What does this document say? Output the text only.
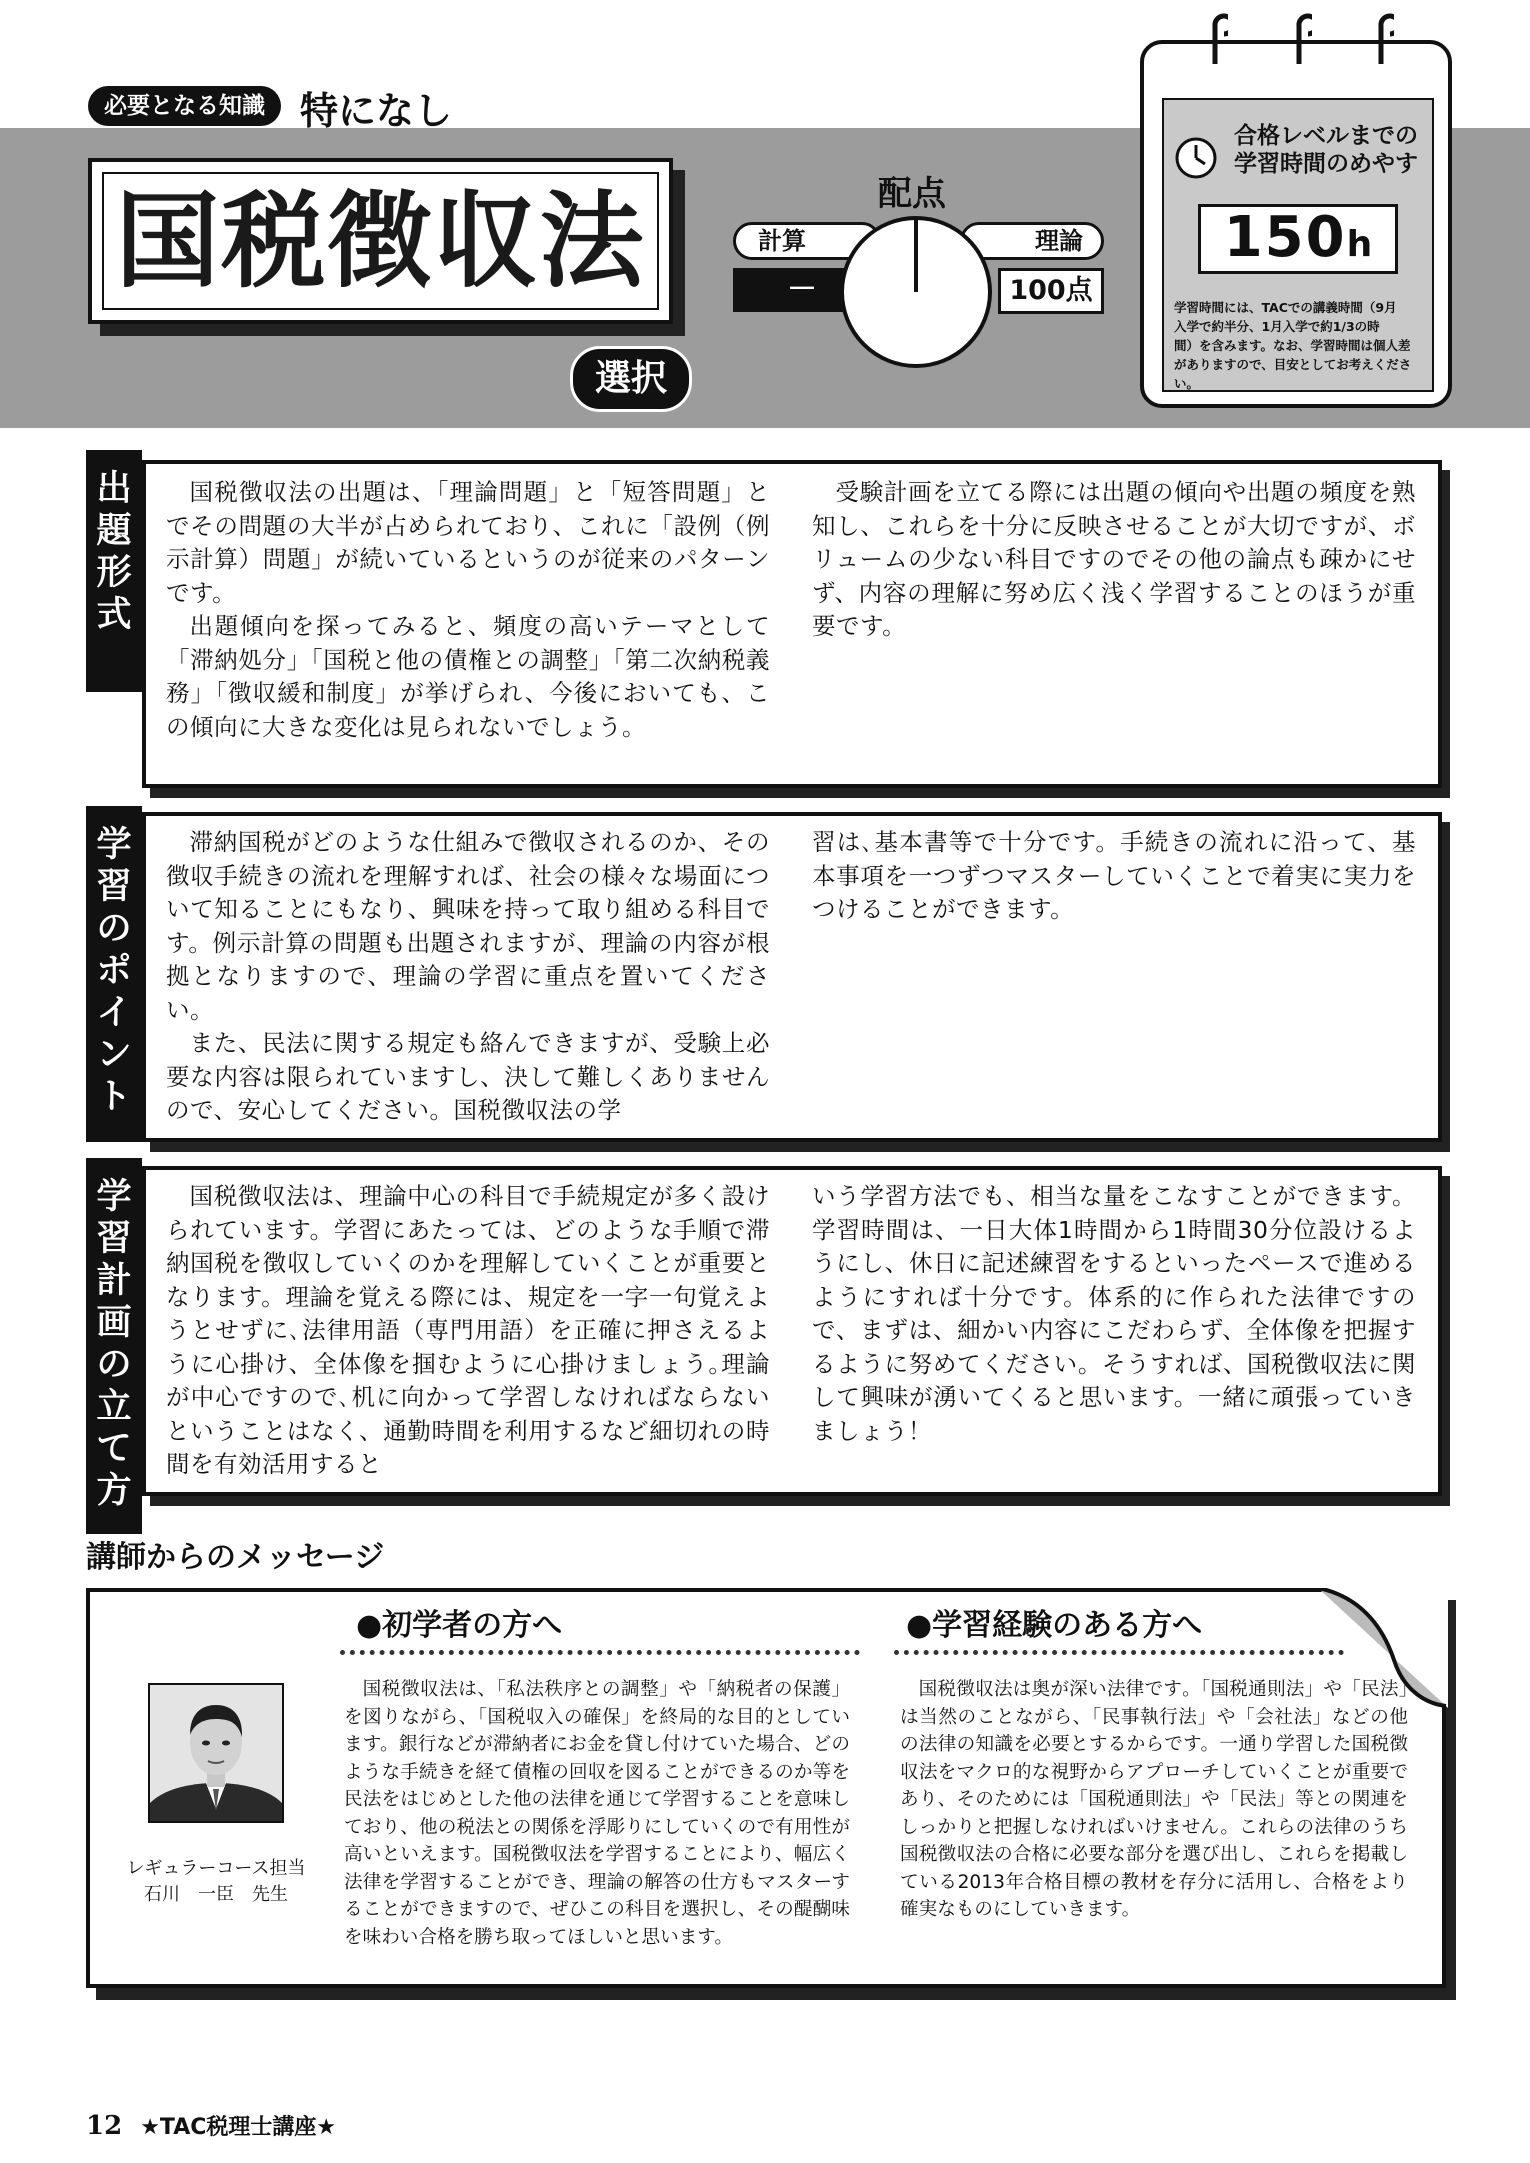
必要となる知識 特になし
国税徴収法
選択
配点
計算
－
理論
100点
合格レベルまでの
学習時間のめやす
150h
学習時間には、TACでの講義時間（9月
入学で約半分、1月入学で約1/3の時
間）を含みます。なお、学習時間は個人差
がありますので、目安としてお考えください。
出
題
形
式

国税徴収法の出題は、「理論問題」と「短答問題」とでその問題の大半が占められており、これに「設例（例示計算）問題」が続いているというのが従来のパターンです。

出題傾向を探ってみると、頻度の高いテーマとして「滞納処分」「国税と他の債権との調整」「第二次納税義務」「徴収緩和制度」が挙げられ、今後においても、この傾向に大きな変化は見られないでしょう。

受験計画を立てる際には出題の傾向や出題の頻度を熟知し、これらを十分に反映させることが大切ですが、ボリュームの少ない科目ですのでその他の論点も疎かにせず、内容の理解に努め広く浅く学習することのほうが重要です。

学
習
の
ポ
イ
ン
ト

滞納国税がどのような仕組みで徴収されるのか、その徴収手続きの流れを理解すれば、社会の様々な場面について知ることにもなり、興味を持って取り組める科目です。例示計算の問題も出題されますが、理論の内容が根拠となりますので、理論の学習に重点を置いてください。

また、民法に関する規定も絡んできますが、受験上必要な内容は限られていますし、決して難しくありませんので、安心してください。国税徴収法の学

習は､基本書等で十分です。手続きの流れに沿って、基本事項を一つずつマスターしていくことで着実に実力をつけることができます。
学
習
計
画
の
立
て
方

国税徴収法は、理論中心の科目で手続規定が多く設けられています。学習にあたっては、どのような手順で滞納国税を徴収していくのかを理解していくことが重要となります。理論を覚える際には、規定を一字一句覚えようとせずに､法律用語（専門用語）を正確に押さえるように心掛け、全体像を掴むように心掛けましょう｡理論が中心ですので､机に向かって学習しなければならないということはなく、通勤時間を利用するなど細切れの時間を有効活用すると

いう学習方法でも、相当な量をこなすことができます。学習時間は、一日大体1時間から1時間30分位設けるようにし、休日に記述練習をするといったペースで進めるようにすれば十分です。体系的に作られた法律ですので、まずは、細かい内容にこだわらず、全体像を把握するように努めてください。そうすれば、国税徴収法に関して興味が湧いてくると思います。一緒に頑張っていきましょう！
講師からのメッセージ
●初学者の方へ	●学習経験のある方へ
レギュラーコース担当
石川　一臣　先生

国税徴収法は、「私法秩序との調整」や「納税者の保護」を図りながら、「国税収入の確保」を終局的な目的としています。銀行などが滞納者にお金を貸し付けていた場合、どのような手続きを経て債権の回収を図ることができるのか等を民法をはじめとした他の法律を通じて学習することを意味しており、他の税法との関係を浮彫りにしていくので有用性が高いといえます。国税徴収法を学習することにより、幅広く法律を学習することができ、理論の解答の仕方もマスターすることができますので、ぜひこの科目を選択し、その醍醐味を味わい合格を勝ち取ってほしいと思います。

国税徴収法は奥が深い法律です｡「国税通則法」や「民法」は当然のことながら、「民事執行法」や「会社法」などの他の法律の知識を必要とするからです。一通り学習した国税徴収法をマクロ的な視野からアプローチしていくことが重要であり、そのためには「国税通則法」や「民法」等との関連をしっかりと把握しなければいけません。これらの法律のうち国税徴収法の合格に必要な部分を選び出し、これらを掲載している2013年合格目標の教材を存分に活用し、合格をより確実なものにしていきます。

12 ★TAC税理士講座★
